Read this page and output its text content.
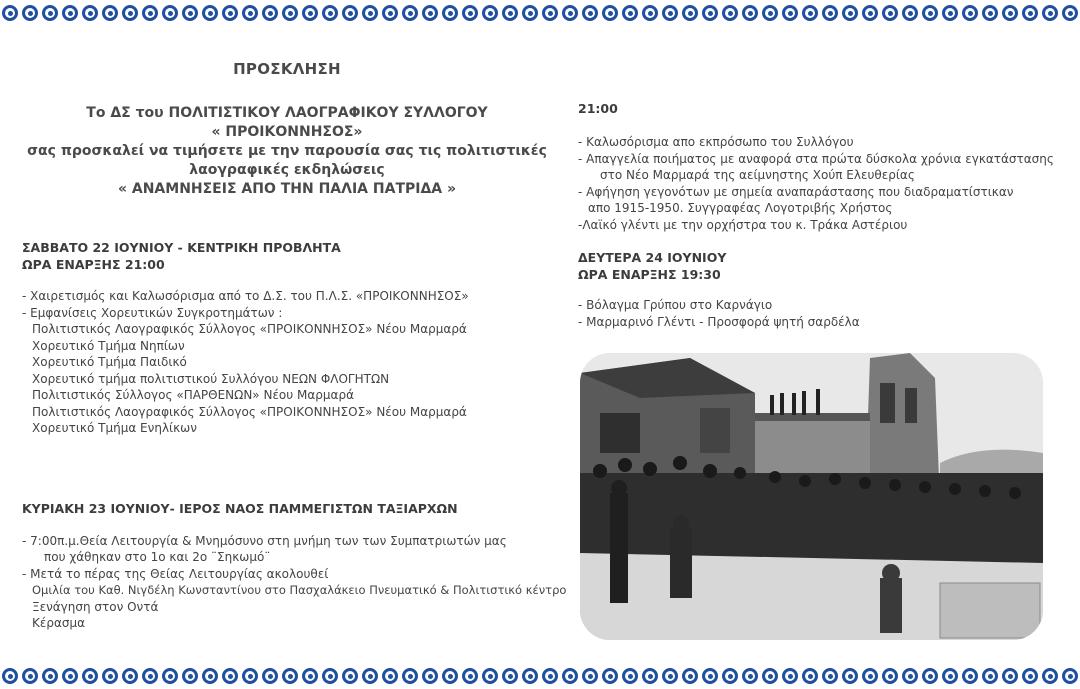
ΠΡΟΣΚΛΗΣΗ
Το ΔΣ του ΠΟΛΙΤΙΣΤΙΚΟΥ ΛΑΟΓΡΑΦΙΚΟΥ ΣΥΛΛΟΓΟΥ
« ΠΡΟΙΚΟΝΝΗΣΟΣ»
σας προσκαλεί να τιμήσετε με την παρουσία σας τις πολιτιστικές
λαογραφικές εκδηλώσεις
« ΑΝΑΜΝΗΣΕΙΣ ΑΠΟ ΤΗΝ ΠΑΛΙΑ ΠΑΤΡΙΔΑ »
ΣΑΒΒΑΤΟ 22 ΙΟΥΝΙΟΥ - ΚΕΝΤΡΙΚΗ ΠΡΟΒΛΗΤΑ
ΩΡΑ ΕΝΑΡΞΗΣ 21:00
- Χαιρετισμός και Καλωσόρισμα από το Δ.Σ. του Π.Λ.Σ. «ΠΡΟΙΚΟΝΝΗΣΟΣ»
- Εμφανίσεις Χορευτικών Συγκροτημάτων :
Πολιτιστικός Λαογραφικός Σύλλογος «ΠΡΟΙΚΟΝΝΗΣΟΣ» Νέου Μαρμαρά
Χορευτικό Τμήμα Νηπίων
Χορευτικό Τμήμα Παιδικό
Χορευτικό τμήμα πολιτιστικού Συλλόγου ΝΕΩΝ ΦΛΟΓΗΤΩΝ
Πολιτιστικός Σύλλογος «ΠΑΡΘΕΝΩΝ» Νέου Μαρμαρά
Πολιτιστικός Λαογραφικός Σύλλογος «ΠΡΟΙΚΟΝΝΗΣΟΣ» Νέου Μαρμαρά
Χορευτικό Τμήμα Ενηλίκων
ΚΥΡΙΑΚΗ 23 ΙΟΥΝΙΟΥ- ΙΕΡΟΣ ΝΑΟΣ ΠΑΜΜΕΓΙΣΤΩΝ ΤΑΞΙΑΡΧΩΝ
- 7:00π.μ.Θεία Λειτουργία & Μνημόσυνο στη μνήμη των των Συμπατριωτών μας
που χάθηκαν στο 1ο και 2ο ¨Σηκωμό¨
- Μετά το πέρας της Θείας Λειτουργίας ακολουθεί
Ομιλία του Καθ. Νιγδέλη Κωνσταντίνου στο Πασχαλάκειο Πνευματικό & Πολιτιστικό κέντρο
Ξενάγηση στον Οντά
Κέρασμα
21:00
- Καλωσόρισμα απο εκπρόσωπο του Συλλόγου
- Απαγγελία ποιήματος με αναφορά στα πρώτα δύσκολα χρόνια εγκατάστασης
στο Νέο Μαρμαρά της αείμνηστης Χούπ Ελευθερίας
- Αφήγηση γεγονότων με σημεία αναπαράστασης που διαδραματίστικαν
απο 1915-1950. Συγγραφέας Λογοτριβής Χρήστος
-Λαϊκό γλέντι με την ορχήστρα του κ. Τράκα Αστέριου
ΔΕΥΤΕΡΑ 24 ΙΟΥΝΙΟΥ
ΩΡΑ ΕΝΑΡΞΗΣ 19:30
- Βόλαγμα Γρύπου στο Καρνάγιο
- Μαρμαρινό Γλέντι - Προσφορά ψητή σαρδέλα
